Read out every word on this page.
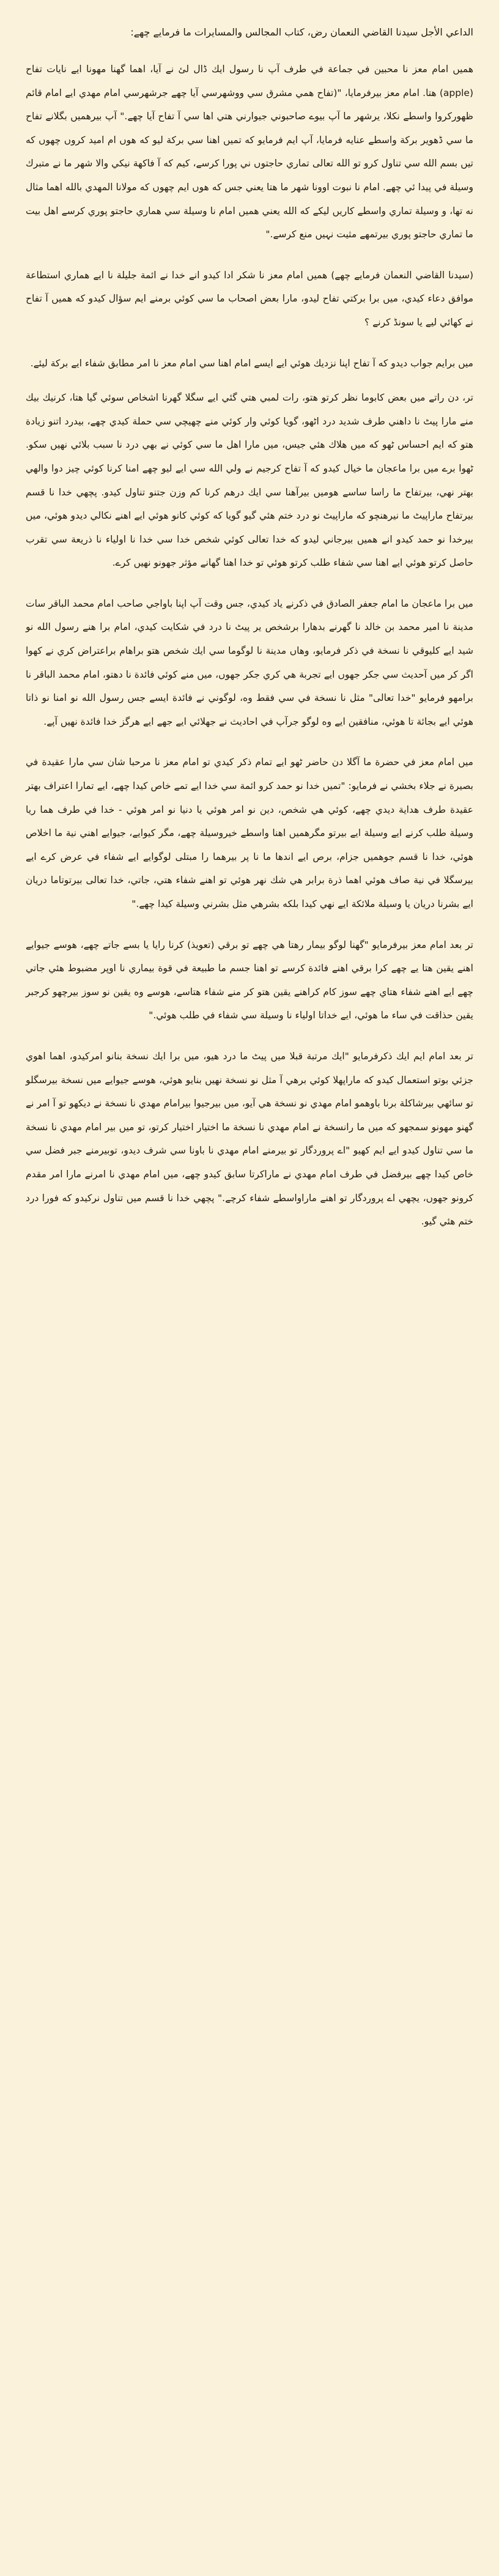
الداعي الأجل سيدنا القاضي النعمان رض، كتاب المجالس والمسايرات ما فرمايے چھے:

هميں امام معز نا محبين في جماعة في طرف آپ نا رسول ايك ڈال لئ نے آيا، اهما گهنا مهونا ايے نايات تفاح (apple) هتا. امام معز بيرفرمايا، "(تفاح همي مشرق سي ووشهرسي آيا چھے جرشهرسي امام مهدي ايے امام قائم ظهوركروا واسطے نكلا، يرشهر ما آپ بيوے صاحبوني جيوارني هتي اها سي آ تفاح آيا چھے." آپ بيرهميں بگلانے تفاح ما سي ڈهوير بركة واسطے عنايه فرمايا، آپ ايم فرمايو كه تميں اهنا سي بركة ليو كه هوں ام اميد كروں چھوں كه تيں بسم الله سي تناول كرو تو الله تعالى تماري حاجتوں ني پورا كرسے، كيم كه آ فاكهة نيكي والا شهر ما نے متبرك وسيلة في پيدا ئي چھے. امام نا نبوت اوونا شهر ما هتا يعني جس كه هوں ايم چهوں كه مولانا المهدي بالله اهما مثال نه تھا، و وسيلة تماري واسطے كاريں ليكے كه الله يعني هميں امام نا وسيلة سي هماري حاجتو پوري كرسے اهل بيت ما تماري حاجتو پوري بيرتمھے مثيت نہيں منع كرسے."

(سيدنا القاضي النعمان فرمايے چھے) هميں امام معز نا شكر ادا كيدو انے خدا نے ائمة جليلة نا ايے هماري استطاعة موافق دعاء كيدي، ميں برا بركتي تفاح ليدو، مارا بعض اصحاب ما سي كوئي برمنے ايم سؤال كيدو كه هميں آ تفاح نے كهائي ليے يا سونڈ كرنے ؟

ميں برايم جواب ديدو كه آ تفاح اپنا نزديك هوئي ايے ايسے امام اهنا سي امام معز نا امر مطابق شفاء ايے بركة ليئے.

تر، دن راتے ميں بعض كابوما نظر كرتو هتو، رات لمبي هتي گئي ايے سگلا گهرنا اشخاص سوئي گيا هتا، كرنيك بيك منے مارا پيٹ نا داهني طرف شديد درد اٹھو، گويا كوئي وار كوئي منے چهيچي سي حملة كيدي چھے، بيدرد اتنو زيادة هتو كه ايم احساس ٹهو كه ميں هلاك هئي جيس، ميں مارا اهل ما سي كوئي نے بهي درد نا سبب بلائي نهيں سكو. ٹهوا برے ميں برا ماعجان ما خيال كيدو كه آ تفاح كرجيم نے ولي الله سي ايے ليو چھے امنا كرنا كوئي چيز دوا والهي بهتر نهي، بيرتفاح ما راسا ساسے هوميں بيرآهنا سي ايك درهم كرنا كم وزن جتنو تناول كيدو. پچهي خدا نا قسم بيرتفاح ماراپيٹ ما نيرهنچو كه ماراپيٹ نو درد ختم هئي گيو گويا كه كوئي كانو هوئي ايے اهنے نكالي ديدو هوئي، ميں بيرخدا نو حمد كيدو انے هميں بيرجاني ليدو كه خدا تعالى كوئي شخص خدا سي خدا نا اولياء نا ذريعة سي تقرب حاصل كرتو هوئي ايے اهنا سي شفاء طلب كرتو هوئي تو خدا اهنا گهانے مؤثر جهونو نهيں كرے.

ميں برا ماعجان ما امام جعفر الصادق في ذكرنے ياد كيدي، جس وقت آپ اپنا باواجي صاحب امام محمد الباقر سات مدينة نا امير محمد بن خالد نا گهرنے بدهارا برشخص ير پيٹ نا درد في شكايت كيدي، امام برا هنے رسول الله نو شيد ايے كليوقي نا نسخة في ذكر فرمايو، وهاں مدينة نا لوگوما سي ايك شخص هتو براهام براعتراض كري نے كهوا اگر كر ميں آحديث سي جكر جهوں ايے تجربة هي كري جكر جهوں، ميں منے كوئي فائدة نا دهتو، امام محمد الباقر نا برامهو فرمايو "خدا تعالى" مثل نا نسخة في سي فقط وه، لوگوني نے فائدة ايسے جس رسول الله نو امنا نو ذاتا هوئي ايے بجائة تا هوئي، منافقين ايے وه لوگو جرآپ في احاديث نے جهلائي ايے جهے ايے هرگز خدا فائدة نهيں آپے.

ميں امام معز في حضرة ما آگلا دن حاضر ٹهو ايے تمام ذكر كيدي تو امام معز نا مرحبا شان سي مارا عقيدة في بصيرة نے جلاء بخشي نے فرمايو: "تميں خدا نو حمد كرو ائمة سي خدا ايے تمے خاص كيدا چھے، ايے تمارا اعتراف بهتر عقيدة طرف هداية ديدي چھے، كوئي هي شخص، دين نو امر هوئي يا دنيا نو امر هوئي - خدا في طرف هما ريا وسيلة طلب كرنے ايے وسيلة ايے بيرتو مگرهميں اهنا واسطے خيروسيلة چھے، مگر كيوايے، جيوايے اهني نية ما اخلاص هوئي، خدا نا قسم جوهميں جزام، برص ايے اندها ما نا پر بيرهما را مبتلى لوگوايے ايے شفاء في عرض كرے ايے بيرسگلا في نية صاف هوئي اهما ذرة برابر هي شك نهر هوئي تو اهنے شفاء هتي، جاتي، خدا تعالى بيرتوتاما دريان ايے بشرنا دريان يا وسيلة ملائكة ايے نهي كيدا بلكه بشرهي مثل بشرني وسيلة كيدا چھے."

تر بعد امام معز بيرفرمايو "گهنا لوگو بيمار رهتا هي چھے تو برقي (تعويذ) كرنا رايا يا بسے جاتے چھے، هوسے جيوايے اهنے يقين هتا يے چھے كرا برقي اهنے فائدة كرسے تو اهنا جسم ما طبيعة في قوة بيماري نا اوپر مضبوط هئي جاتي چھے ايے اهنے شفاء هتاي چھے سوز كام كراهنے يقين هتو كر منے شفاء هتاسے، هوسے وه يقين نو سوز بيرچهو كرجبر يقين حذاقت في ساء ما هوئي، ايے خداتا اولياء نا وسيلة سي شفاء في طلب هوئي."

تر بعد امام ايم ايك ذكرفرمايو "ايك مرتبة قبلا ميں پيٹ ما درد هيو، ميں برا ايك نسخة بنانو امركيدو، اهما اهوي جزئي بوتو استعمال كيدو كه ماراپهلا كوئي برهي آ مثل نو نسخة نهيں بنايو هوئي، هوسے جيوايے ميں نسخة بيرسگلو تو سائهي بيرشاكلة برنا باوهمو امام مهدي نو نسخة هي آيو، ميں بيرجيوا بيرامام مهدي نا نسخة نے ديكهو تو آ امر نے گهنو مهونو سمجهو كه ميں ما رانسخة نے امام مهدي نا نسخة ما اختيار اختيار كرتو، تو ميں بير امام مهدي نا نسخة ما سي تناول كيدو ايے ايم كهيو "اے پروردگار تو بيرمنے امام مهدي نا باونا سي شرف ديدو، توبيرمنے جبر فضل سي خاص كيدا چھے بيرفضل في طرف امام مهدي نے ماراكرتا سابق كيدو چھے، ميں امام مهدي نا امرنے مارا امر مقدم كرونو جهوں، يچهي اے پروردگار تو اهنے ماراواسطے شفاء كرچے." پچهي خدا نا قسم ميں تناول نركيدو كه فورا درد ختم هئي گيو.
